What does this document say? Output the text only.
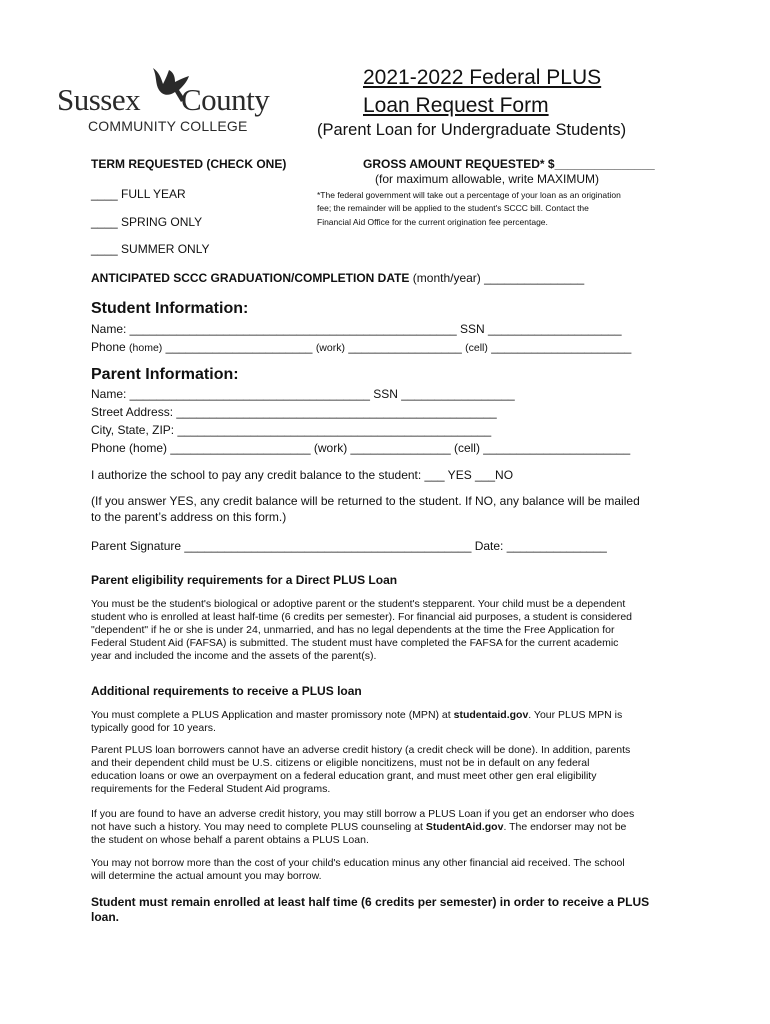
Sussex County
COMMUNITY COLLEGE
2021-2022 Federal PLUS
Loan Request Form
(Parent Loan for Undergraduate Students)
TERM REQUESTED (CHECK ONE)
____ FULL YEAR
____ SPRING ONLY
____ SUMMER ONLY
GROSS AMOUNT REQUESTED* $_______________
(for maximum allowable, write MAXIMUM)
*The federal government will take out a percentage of your loan as an origination
fee; the remainder will be applied to the student's SCCC bill. Contact the
Financial Aid Office for the current origination fee percentage.
ANTICIPATED SCCC GRADUATION/COMPLETION DATE (month/year) _______________
Student Information:
Name: _________________________________________________ SSN ____________________
Phone (home) ______________________ (work) _________________ (cell) _____________________
Parent Information:
Name: ____________________________________ SSN _________________
Street Address: ________________________________________________
City, State, ZIP: _______________________________________________
Phone (home) _____________________ (work) _______________ (cell) ______________________
I authorize the school to pay any credit balance to the student: ___ YES ___NO
(If you answer YES, any credit balance will be returned to the student. If NO, any balance will be mailed
to the parent’s address on this form.)
Parent Signature ___________________________________________ Date: _______________
Parent eligibility requirements for a Direct PLUS Loan
You must be the student's biological or adoptive parent or the student's stepparent. Your child must be a dependent
student who is enrolled at least half-time (6 credits per semester). For financial aid purposes, a student is considered
"dependent" if he or she is under 24, unmarried, and has no legal dependents at the time the Free Application for
Federal Student Aid (FAFSA) is submitted. The student must have completed the FAFSA for the current academic
year and included the income and the assets of the parent(s).
Additional requirements to receive a PLUS loan
You must complete a PLUS Application and master promissory note (MPN) at studentaid.gov. Your PLUS MPN is
typically good for 10 years.
Parent PLUS loan borrowers cannot have an adverse credit history (a credit check will be done). In addition, parents
and their dependent child must be U.S. citizens or eligible noncitizens, must not be in default on any federal
education loans or owe an overpayment on a federal education grant, and must meet other gen eral eligibility
requirements for the Federal Student Aid programs.
If you are found to have an adverse credit history, you may still borrow a PLUS Loan if you get an endorser who does
not have such a history. You may need to complete PLUS counseling at StudentAid.gov. The endorser may not be
the student on whose behalf a parent obtains a PLUS Loan.
You may not borrow more than the cost of your child's education minus any other financial aid received. The school
will determine the actual amount you may borrow.
Student must remain enrolled at least half time (6 credits per semester) in order to receive a PLUS
loan.
